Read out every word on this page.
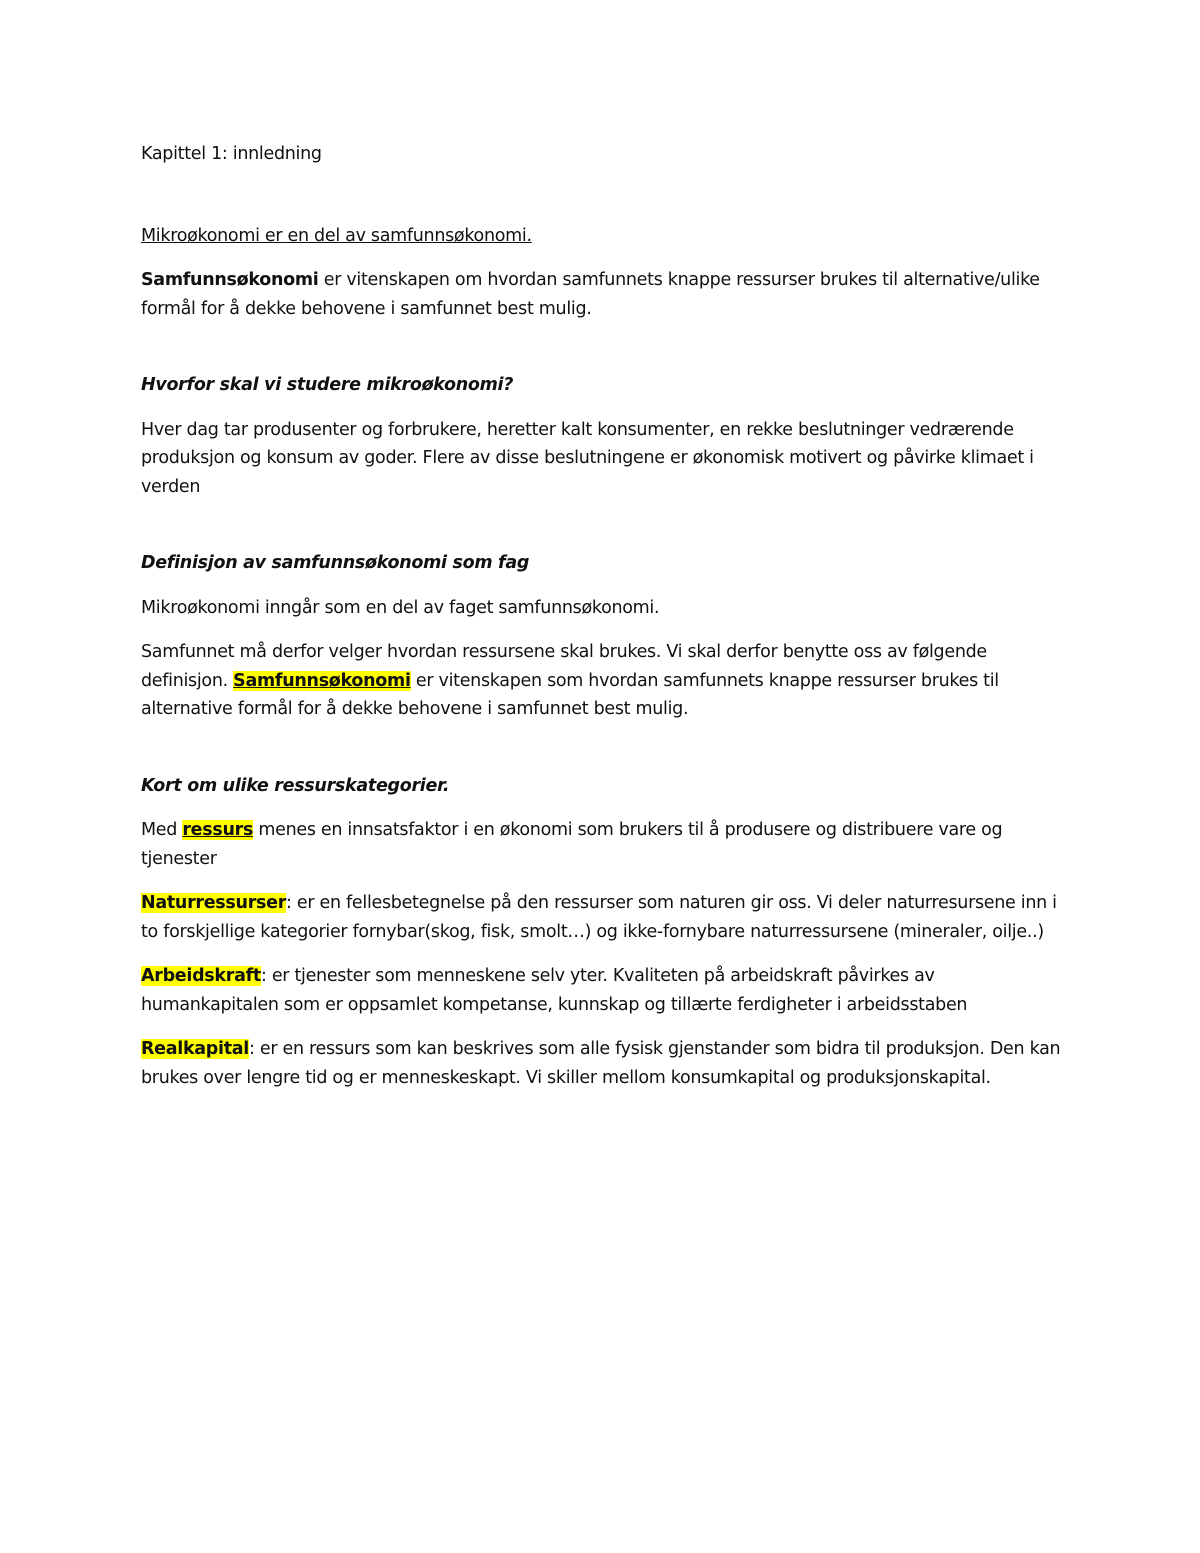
Kapittel 1: innledning

Mikroøkonomi er en del av samfunnsøkonomi.

Samfunnsøkonomi er vitenskapen om hvordan samfunnets knappe ressurser brukes til alternative/ulike formål for å dekke behovene i samfunnet best mulig.

Hvorfor skal vi studere mikroøkonomi?

Hver dag tar produsenter og forbrukere, heretter kalt konsumenter, en rekke beslutninger vedrærende produksjon og konsum av goder. Flere av disse beslutningene er økonomisk motivert og påvirke klimaet i verden

Definisjon av samfunnsøkonomi som fag

Mikroøkonomi inngår som en del av faget samfunnsøkonomi.

Samfunnet må derfor velger hvordan ressursene skal brukes. Vi skal derfor benytte oss av følgende definisjon. Samfunnsøkonomi er vitenskapen som hvordan samfunnets knappe ressurser brukes til alternative formål for å dekke behovene i samfunnet best mulig.

Kort om ulike ressurskategorier.

Med ressurs menes en innsatsfaktor i en økonomi som brukers til å produsere og distribuere vare og tjenester

Naturressurser: er en fellesbetegnelse på den ressurser som naturen gir oss. Vi deler naturresursene inn i to forskjellige kategorier fornybar(skog, fisk, smolt…) og ikke-fornybare naturressursene (mineraler, oilje..)

Arbeidskraft: er tjenester som menneskene selv yter. Kvaliteten på arbeidskraft påvirkes av humankapitalen som er oppsamlet kompetanse, kunnskap og tillærte ferdigheter i arbeidsstaben

Realkapital: er en ressurs som kan beskrives som alle fysisk gjenstander som bidra til produksjon. Den kan brukes over lengre tid og er menneskeskapt. Vi skiller mellom konsumkapital og produksjonskapital.
